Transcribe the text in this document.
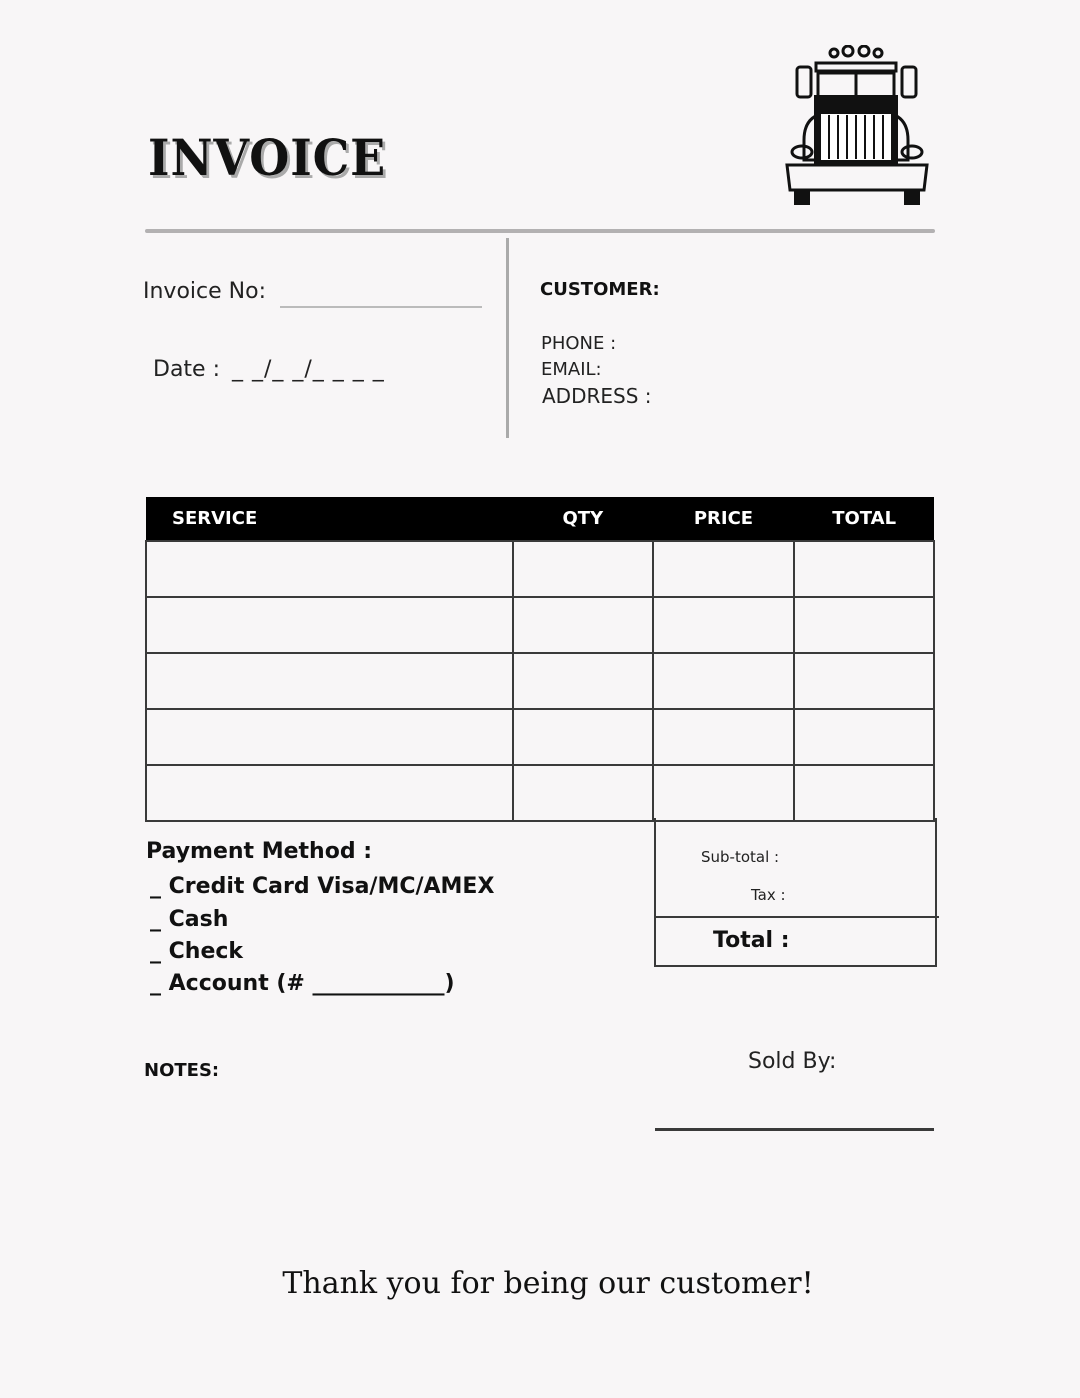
INVOICE
Invoice No:
Date : _ _/_ _/_ _ _ _
CUSTOMER:
PHONE :
EMAIL:
ADDRESS :
SERVICE	QTY	PRICE	TOTAL

Payment Method :
_ Credit Card Visa/MC/AMEX
_ Cash
_ Check
_ Account (# ____________)
Sub-total :
Tax :
Total :
NOTES:	Sold By:
Thank you for being our customer!
